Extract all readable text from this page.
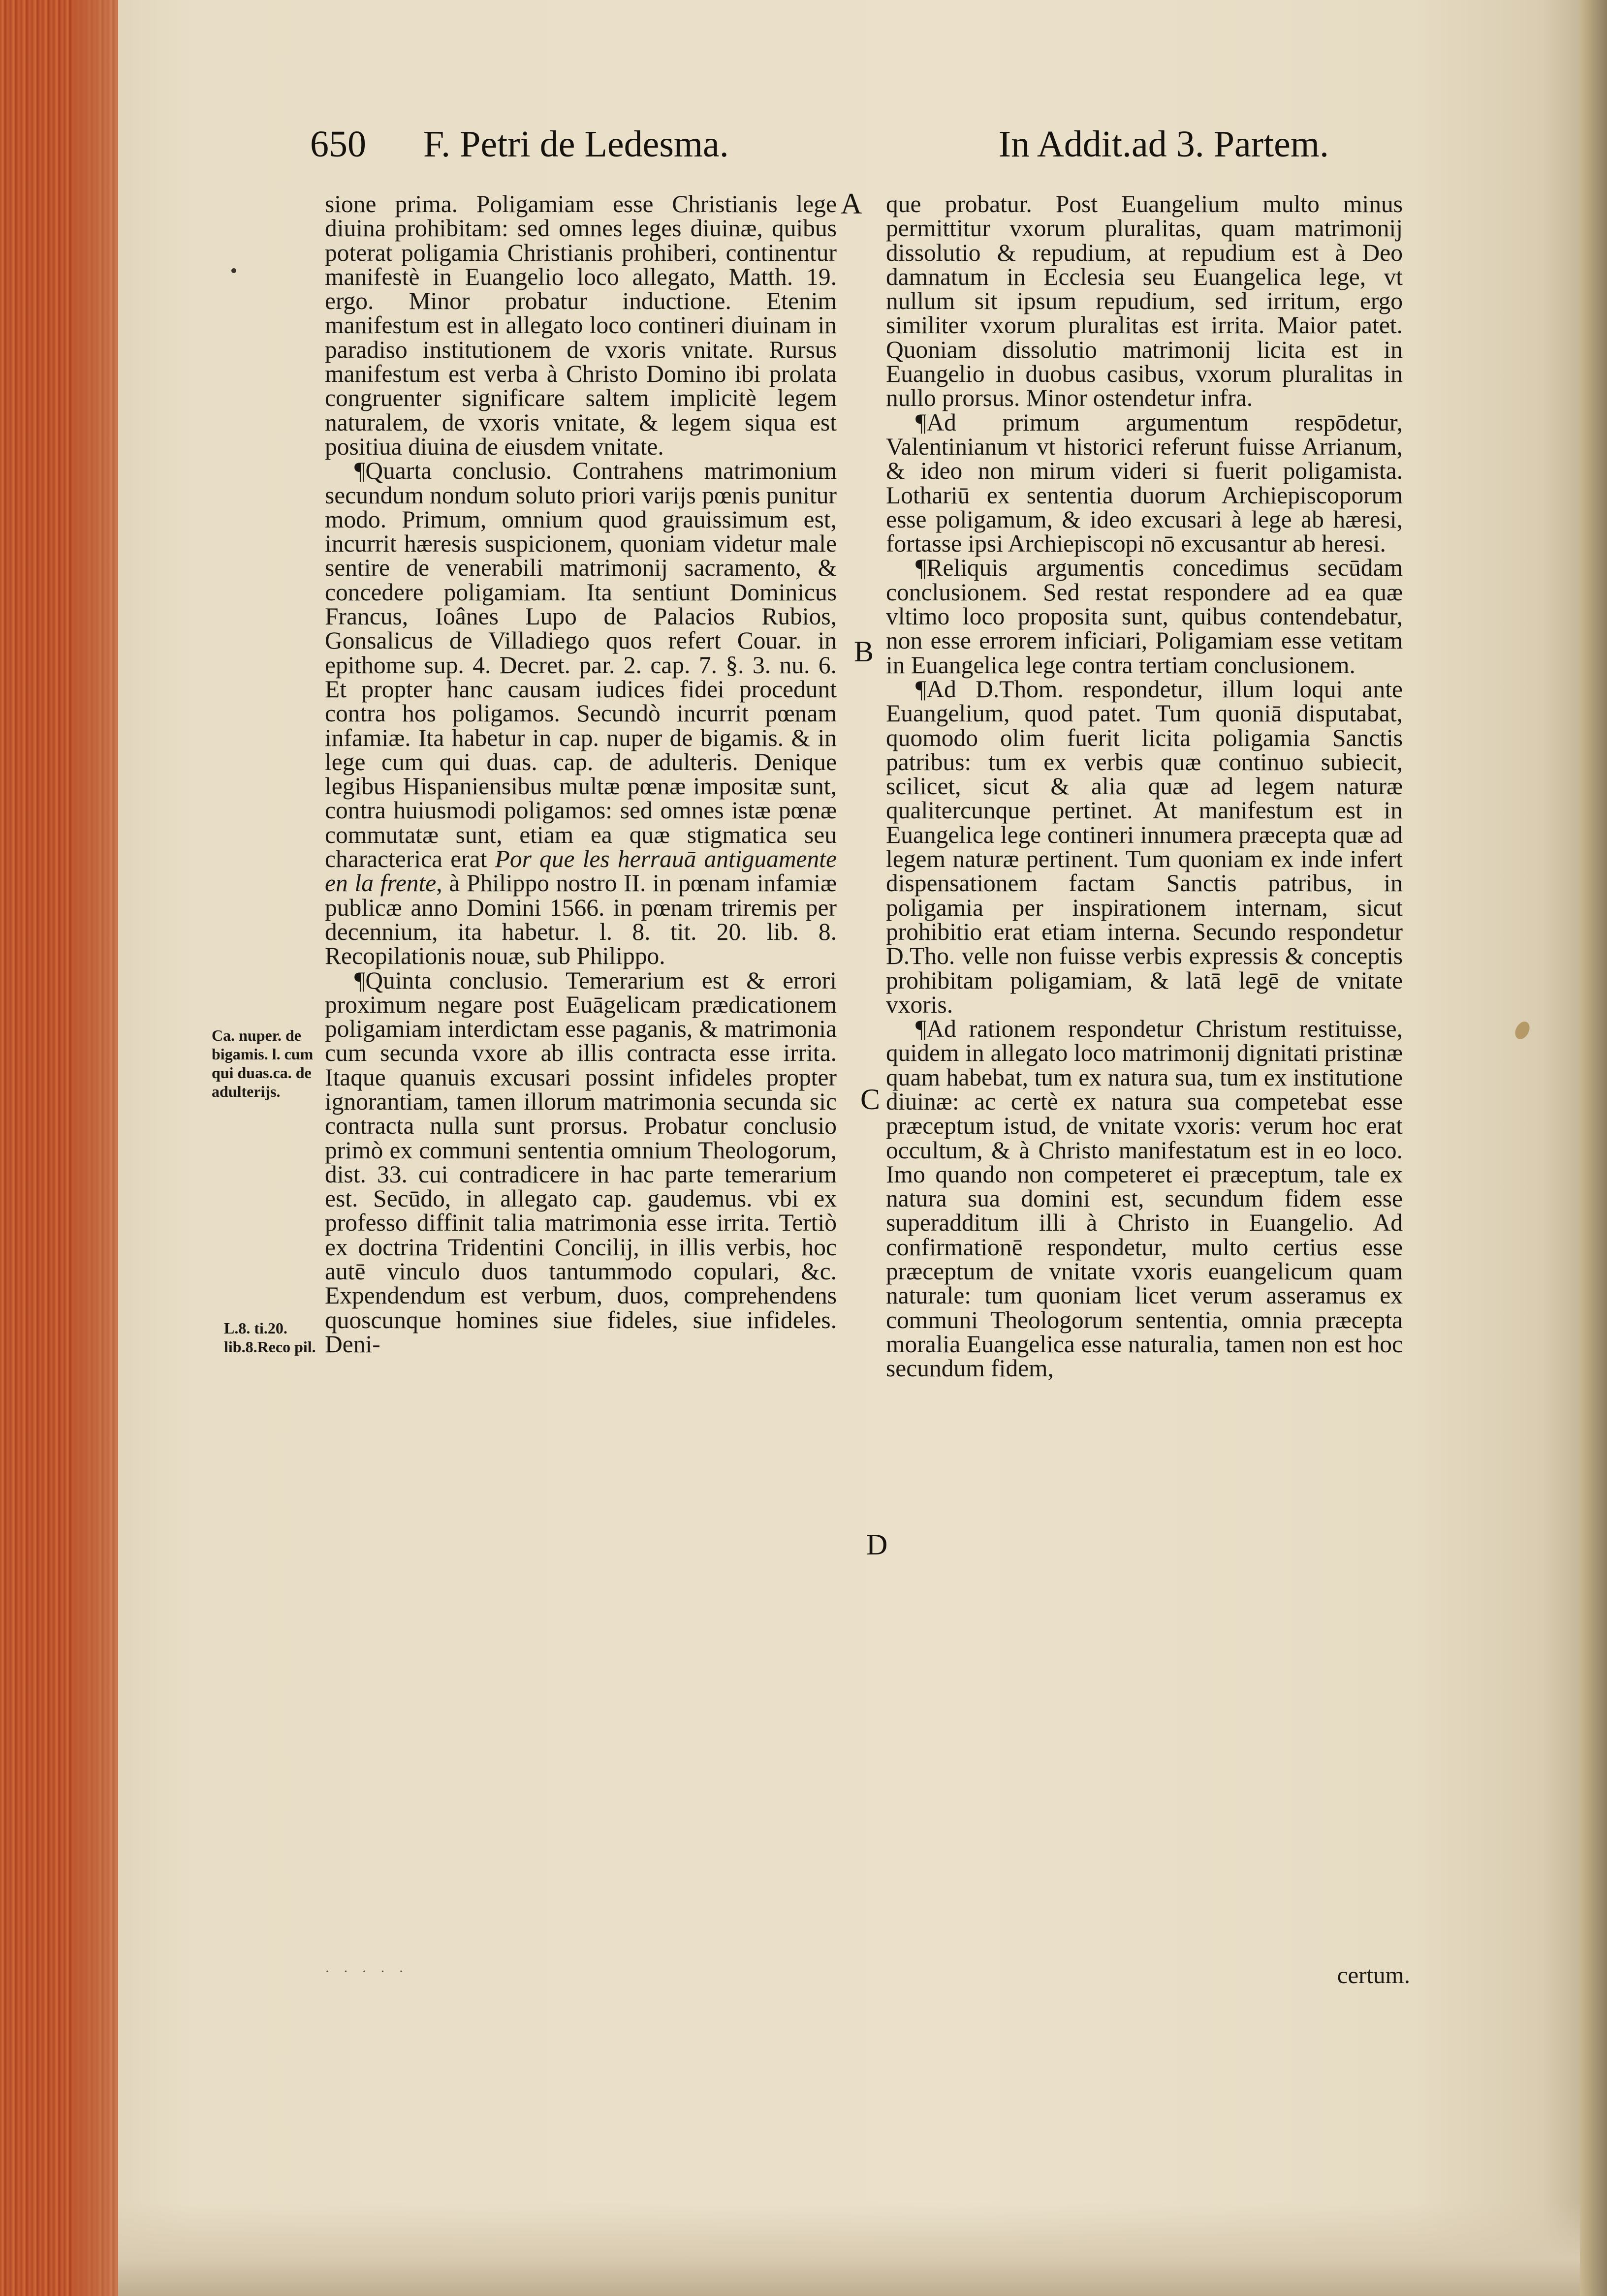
650 F. Petri de Ledesma.	In Addit.ad 3. Partem.

sione prima. Poligamiam esse Christianis lege diuina prohibitam: sed omnes leges diuinæ, quibus poterat poligamia Christianis prohiberi, continentur manifestè in Euangelio loco allegato, Matth. 19. ergo. Minor probatur inductione. Etenim manifestum est in allegato loco contineri diuinam in paradiso institutionem de vxoris vnitate. Rursus manifestum est verba à Christo Domino ibi prolata congruenter significare saltem implicitè legem naturalem, de vxoris vnitate, & legem siqua est positiua diuina de eiusdem vnitate.

¶Quarta conclusio. Contrahens matrimonium secundum nondum soluto priori varijs pœnis punitur modo. Primum, omnium quod grauissimum est, incurrit hæresis suspicionem, quoniam videtur male sentire de venerabili matrimonij sacramento, & concedere poligamiam. Ita sentiunt Dominicus Francus, Ioânes Lupo de Palacios Rubios, Gonsalicus de Villadiego quos refert Couar. in epithome sup. 4. Decret. par. 2. cap. 7. §. 3. nu. 6. Et propter hanc causam iudices fidei procedunt contra hos poligamos. Secundò incurrit pœnam infamiæ. Ita habetur in cap. nuper de bigamis. & in lege cum qui duas. cap. de adulteris. Denique legibus Hispaniensibus multæ pœnæ impositæ sunt, contra huiusmodi poligamos: sed omnes istæ pœnæ commutatæ sunt, etiam ea quæ stigmatica seu characterica erat Por que les herrauā antiguamente en la frente, à Philippo nostro II. in pœnam infamiæ publicæ anno Domini 1566. in pœnam triremis per decennium, ita habetur. l. 8. tit. 20. lib. 8. Recopilationis nouæ, sub Philippo.

¶Quinta conclusio. Temerarium est & errori proximum negare post Euāgelicam prædicationem poligamiam interdictam esse paganis, & matrimonia cum secunda vxore ab illis contracta esse irrita. Itaque quanuis excusari possint infideles propter ignorantiam, tamen illorum matrimonia secunda sic contracta nulla sunt prorsus. Probatur conclusio primò ex communi sententia omnium Theologorum, dist. 33. cui contradicere in hac parte temerarium est. Secūdo, in allegato cap. gaudemus. vbi ex professo diffinit talia matrimonia esse irrita. Tertiò ex doctrina Tridentini Concilij, in illis verbis, hoc autē vinculo duos tantummodo copulari, &c. Expendendum est verbum, duos, comprehendens quoscunque homines siue fideles, siue infideles. Deni-

que probatur. Post Euangelium multo minus permittitur vxorum pluralitas, quam matrimonij dissolutio & repudium, at repudium est à Deo damnatum in Ecclesia seu Euangelica lege, vt nullum sit ipsum repudium, sed irritum, ergo similiter vxorum pluralitas est irrita. Maior patet. Quoniam dissolutio matrimonij licita est in Euangelio in duobus casibus, vxorum pluralitas in nullo prorsus. Minor ostendetur infra.

¶Ad primum argumentum respōdetur, Valentinianum vt historici referunt fuisse Arrianum, & ideo non mirum videri si fuerit poligamista. Lothariū ex sententia duorum Archiepiscoporum esse poligamum, & ideo excusari à lege ab hæresi, fortasse ipsi Archiepiscopi nō excusantur ab heresi.

¶Reliquis argumentis concedimus secūdam conclusionem. Sed restat respondere ad ea quæ vltimo loco proposita sunt, quibus contendebatur, non esse errorem inficiari, Poligamiam esse vetitam in Euangelica lege contra tertiam conclusionem.

¶Ad D.Thom. respondetur, illum loqui ante Euangelium, quod patet. Tum quoniā disputabat, quomodo olim fuerit licita poligamia Sanctis patribus: tum ex verbis quæ continuo subiecit, scilicet, sicut & alia quæ ad legem naturæ qualitercunque pertinet. At manifestum est in Euangelica lege contineri innumera præcepta quæ ad legem naturæ pertinent. Tum quoniam ex inde infert dispensationem factam Sanctis patribus, in poligamia per inspirationem internam, sicut prohibitio erat etiam interna. Secundo respondetur D.Tho. velle non fuisse verbis expressis & conceptis prohibitam poligamiam, & latā legē de vnitate vxoris.

¶Ad rationem respondetur Christum restituisse, quidem in allegato loco matrimonij dignitati pristinæ quam habebat, tum ex natura sua, tum ex institutione diuinæ: ac certè ex natura sua competebat esse præceptum istud, de vnitate vxoris: verum hoc erat occultum, & à Christo manifestatum est in eo loco. Imo quando non competeret ei præceptum, tale ex natura sua domini est, secundum fidem esse superadditum illi à Christo in Euangelio. Ad confirmationē respondetur, multo certius esse præceptum de vnitate vxoris euangelicum quam naturale: tum quoniam licet verum asseramus ex communi Theologorum sententia, omnia præcepta moralia Euangelica esse naturalia, tamen non est hoc secundum fidem,

A
B
C
D
Ca. nuper. de bigamis. l. cum qui duas.ca. de adulterijs.
L.8. ti.20. lib.8.Reco pil.
certum.
· · · · ·
